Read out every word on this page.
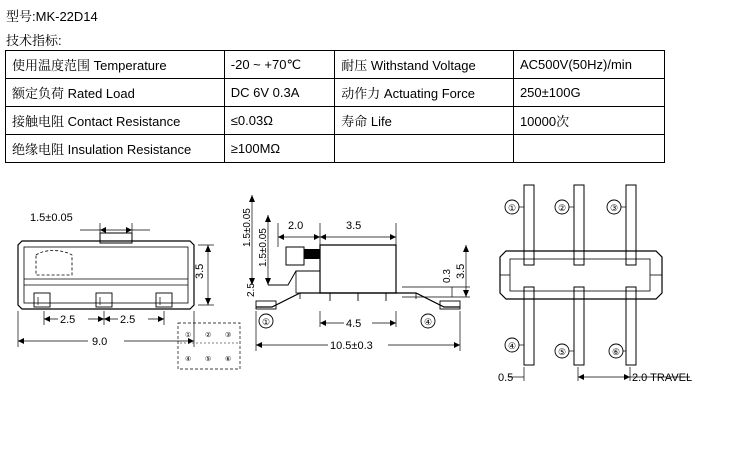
型号:MK-22D14
技术指标:
使用温度范围 Temperature	-20 ~ +70℃	耐压 Withstand Voltage	AC500V(50Hz)/min
额定负荷 Rated Load	DC 6V 0.3A	动作力 Actuating Force	250±100G
接触电阻 Contact Resistance	≤0.03Ω	寿命 Life	10000次
绝缘电阻 Insulation Resistance	≥100MΩ		
1.5±0.05
3.5
2.5	2.5
9.0
① ② ③
④ ⑤ ⑥
1.5±0.05
1.5±0.05
2.0	3.5
0.3 3.5
2.5
①	④
4.5
10.5±0.3
①	②	③
④
⑤	⑥
0.5	2.0 TRAVEL
